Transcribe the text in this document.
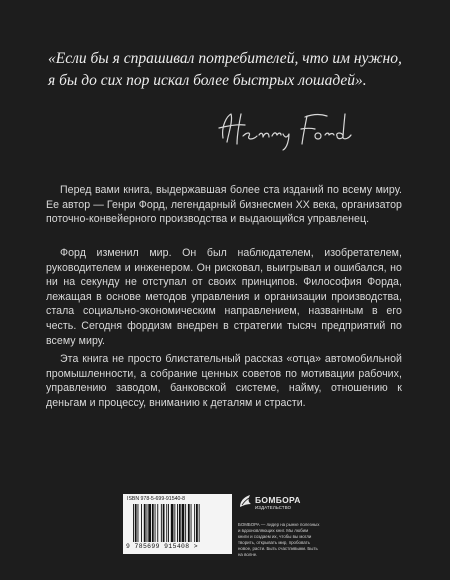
«Если бы я спрашивал потребителей, что им нужно,
я бы до сих пор искал более быстрых лошадей».

Перед вами книга, выдержавшая более ста изданий по всему миру. Ее автор — Генри Форд, легендарный бизнесмен XX века, организатор поточно-конвейерного производства и выдающийся управленец.

Форд изменил мир. Он был наблюдателем, изобретателем, руководителем и инженером. Он рисковал, выигрывал и ошибался, но ни на секунду не отступал от своих принципов. Философия Форда, лежащая в основе методов управления и организации производства, стала социально-экономическим направлением, названным в его честь. Сегодня фордизм внедрен в стратегии тысяч предприятий по всему миру.

Эта книга не просто блистательный рассказ «отца» автомобильной промышленности, а собрание ценных советов по мотивации рабочих, управлению заводом, банковской системе, найму, отношению к деньгам и процессу, вниманию к деталям и страсти.

ISBN 978-5-699-91540-8
9 785699 915408 >
БОМБОРА
ИЗДАТЕЛЬСТВО

БОМБОРА — лидер на рынке полезных и вдохновляющих книг. Мы любим книги и создаем их, чтобы вы могли творить, открывать мир, пробовать новое, расти. Быть счастливыми. Быть на волне.
